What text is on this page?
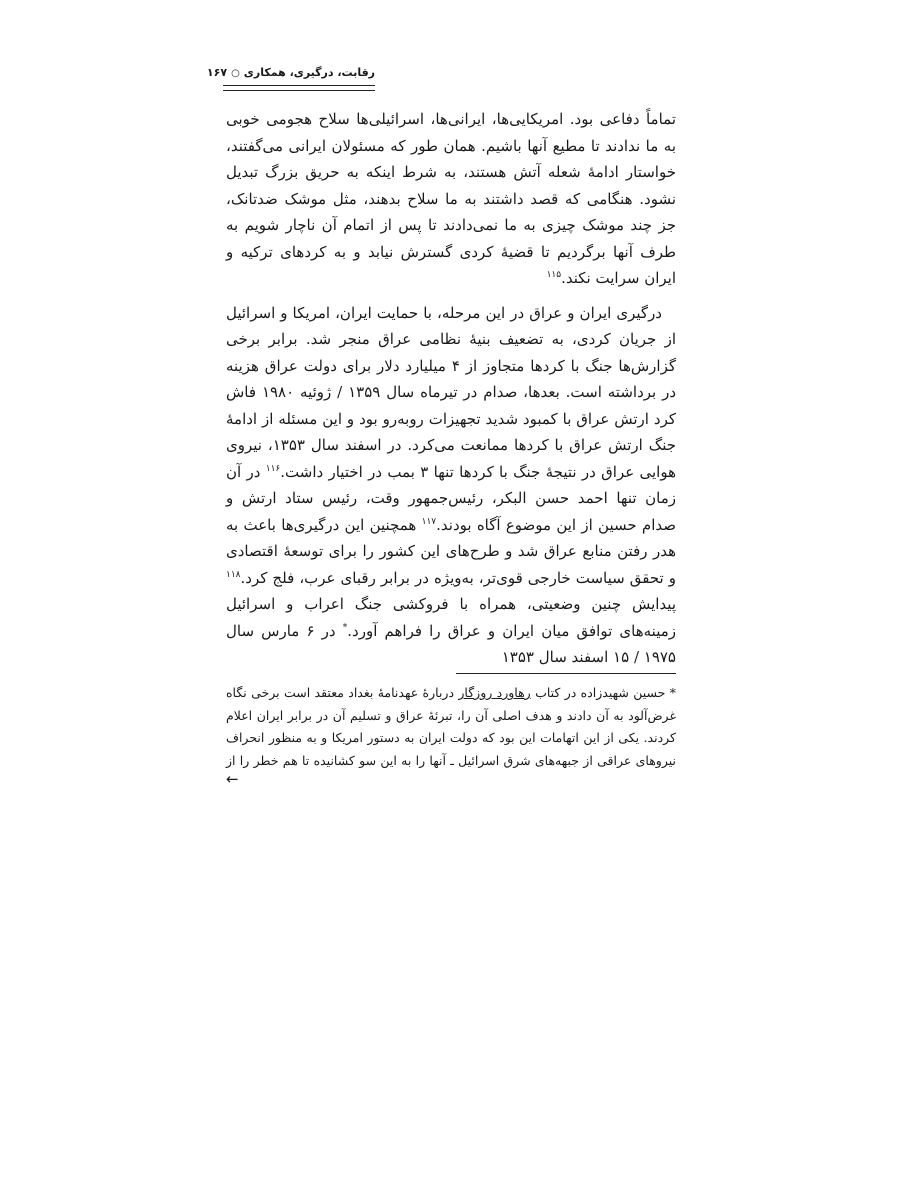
رقابت، درگیری، همکاری○۱۶۷

تماماً دفاعی بود. امریکایی‌ها، ایرانی‌ها، اسرائیلی‌ها سلاح هجومی خوبی به ما ندادند تا مطیع آنها باشیم. همان طور که مسئولان ایرانی می‌گفتند، خواستار ادامهٔ شعله آتش هستند، به شرط اینکه به حریق بزرگ تبدیل نشود. هنگامی که قصد داشتند به ما سلاح بدهند، مثل موشک ضدتانک، جز چند موشک چیزی به ما نمی‌دادند تا پس از اتمام آن ناچار شویم به طرف آنها برگردیم تا قضیهٔ کردی گسترش نیابد و به کردهای ترکیه و ایران سرایت نکند.$^{۱۱۵}$

درگیری ایران و عراق در این مرحله، با حمایت ایران، امریکا و اسرائیل از جریان کردی، به تضعیف بنیهٔ نظامی عراق منجر شد. برابر برخی گزارش‌ها جنگ با کردها متجاوز از ۴ میلیارد دلار برای دولت عراق هزینه در برداشته است. بعدها، صدام در تیرماه سال ۱۳۵۹ / ژوئیه ۱۹۸۰ فاش کرد ارتش عراق با کمبود شدید تجهیزات روبه‌رو بود و این مسئله از ادامهٔ جنگ ارتش عراق با کردها ممانعت می‌کرد. در اسفند سال ۱۳۵۳، نیروی هوایی عراق در نتیجهٔ جنگ با کردها تنها ۳ بمب در اختیار داشت.$^{۱۱۶}$ در آن زمان تنها احمد حسن البکر، رئیس‌جمهور وقت، رئیس ستاد ارتش و صدام حسین از این موضوع آگاه بودند.$^{۱۱۷}$ همچنین این درگیری‌ها باعث به هدر رفتن منابع عراق شد و طرح‌های این کشور را برای توسعهٔ اقتصادی و تحقق سیاست خارجی قوی‌تر، به‌ویژه در برابر رقبای عرب، فلج کرد.$^{۱۱۸}$ پیدایش چنین وضعیتی، همراه با فروکشی جنگ اعراب و اسرائیل زمینه‌های توافق میان ایران و عراق را فراهم آورد.* در ۶ مارس سال ۱۹۷۵ / ۱۵ اسفند سال ۱۳۵۳

* حسین شهیدزاده در کتاب رهاورد روزگار دربارهٔ عهدنامهٔ بغداد معتقد است برخی نگاه
غرض‌آلود به آن دادند و هدف اصلی آن را، تبرئهٔ عراق و تسلیم آن در برابر ایران اعلام
کردند. یکی از این اتهامات این بود که دولت ایران به دستور امریکا و به منظور انحراف
نیروهای عراقی از جبهه‌های شرق اسرائیل ـ آنها را به این سو کشانیده تا هم خطر را از
←
